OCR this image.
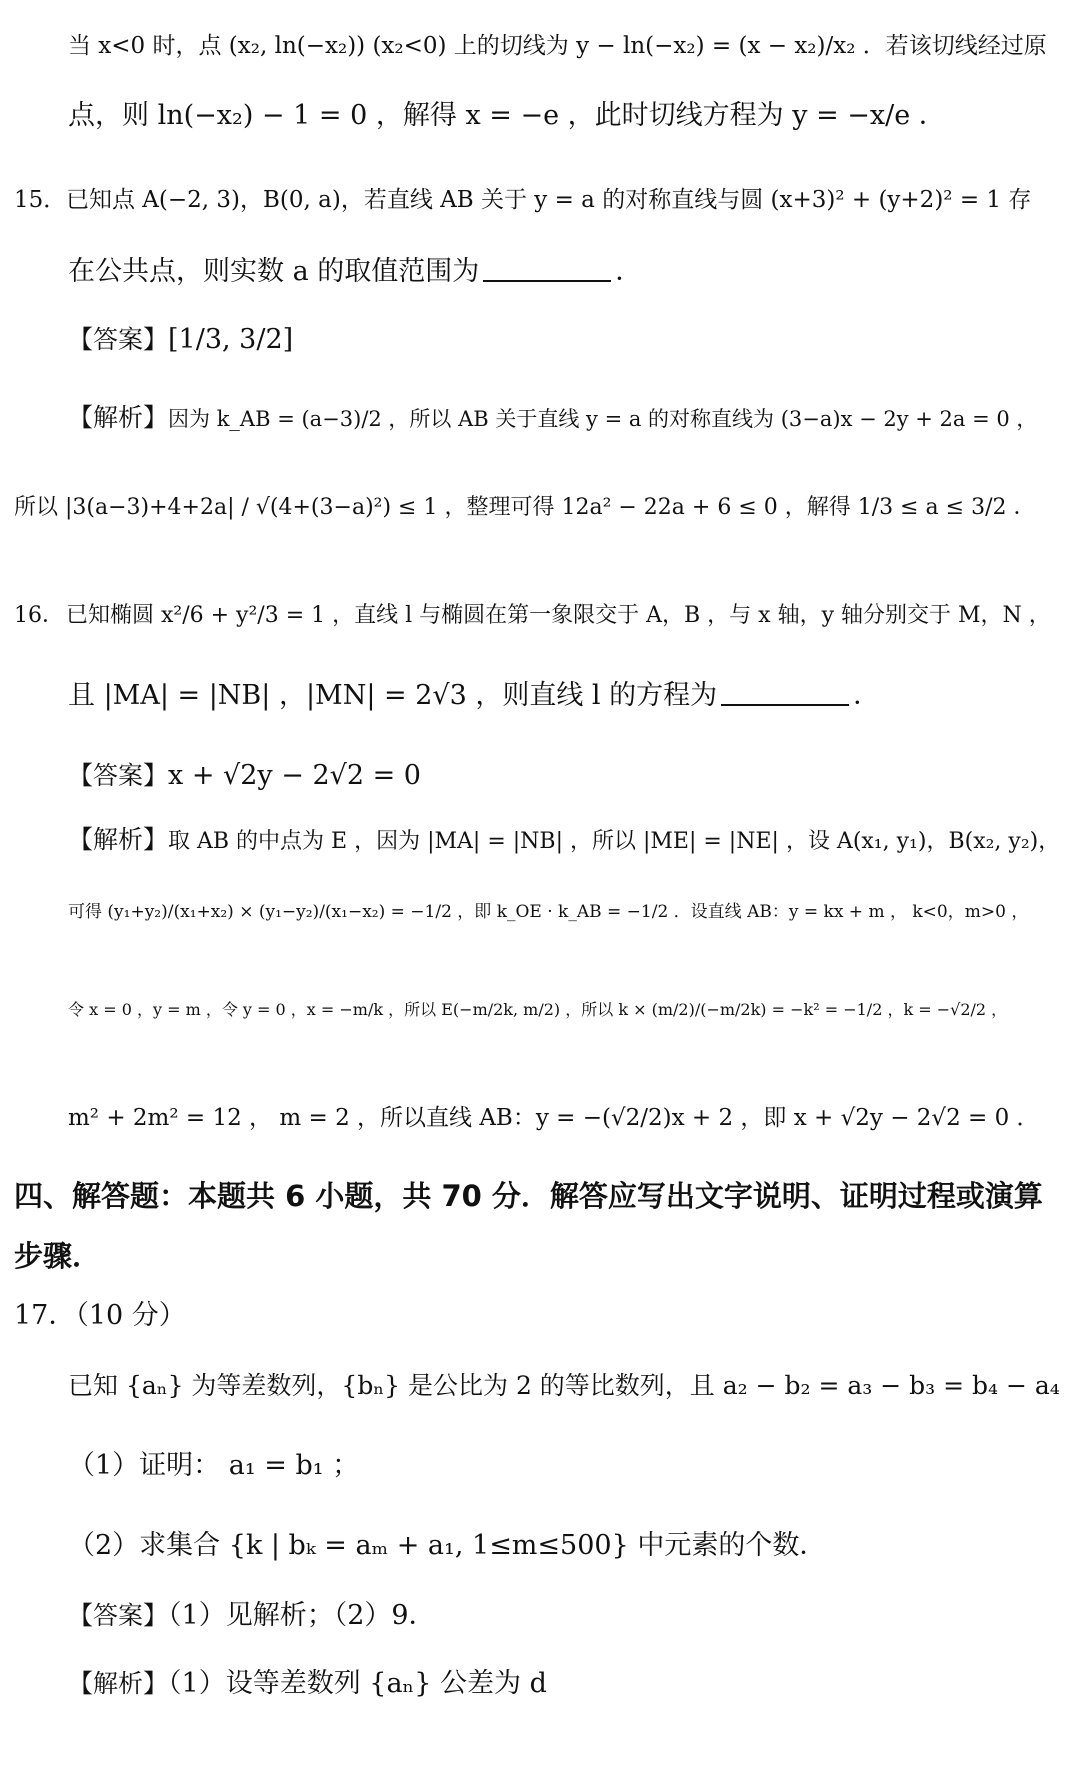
当 x<0 时，点 (x₂, ln(−x₂)) (x₂<0) 上的切线为 y − ln(−x₂) = (x − x₂)/x₂ ．若该切线经过原
点，则 ln(−x₂) − 1 = 0 ，解得 x = −e ，此时切线方程为 y = −x/e ．
15．已知点 A(−2, 3)，B(0, a)，若直线 AB 关于 y = a 的对称直线与圆 (x+3)² + (y+2)² = 1 存
在公共点，则实数 a 的取值范围为	．
【答案】[1/3, 3/2]
【解析】因为 k_AB = (a−3)/2 ，所以 AB 关于直线 y = a 的对称直线为 (3−a)x − 2y + 2a = 0 ，
所以 |3(a−3)+4+2a| / √(4+(3−a)²) ≤ 1 ，整理可得 12a² − 22a + 6 ≤ 0 ，解得 1/3 ≤ a ≤ 3/2 ．
16．已知椭圆 x²/6 + y²/3 = 1 ，直线 l 与椭圆在第一象限交于 A，B ，与 x 轴，y 轴分别交于 M，N ，
且 |MA| = |NB| ，|MN| = 2√3 ，则直线 l 的方程为	．
【答案】x + √2y − 2√2 = 0
【解析】取 AB 的中点为 E ，因为 |MA| = |NB| ，所以 |ME| = |NE| ，设 A(x₁, y₁)，B(x₂, y₂)，
可得 (y₁+y₂)/(x₁+x₂) × (y₁−y₂)/(x₁−x₂) = −1/2 ，即 k_OE · k_AB = −1/2 ．设直线 AB：y = kx + m ， k<0，m>0 ，
令 x = 0 ，y = m ，令 y = 0 ，x = −m/k ，所以 E(−m/2k, m/2) ，所以 k × (m/2)/(−m/2k) = −k² = −1/2 ，k = −√2/2 ，
m² + 2m² = 12 ， m = 2 ，所以直线 AB：y = −(√2/2)x + 2 ，即 x + √2y − 2√2 = 0 ．
四、解答题：本题共 6 小题，共 70 分．解答应写出文字说明、证明过程或演算
步骤．
17．（10 分）
已知 {aₙ} 为等差数列，{bₙ} 是公比为 2 的等比数列，且 a₂ − b₂ = a₃ − b₃ = b₄ − a₄
（1）证明： a₁ = b₁ ；
（2）求集合 {k | bₖ = aₘ + a₁, 1≤m≤500} 中元素的个数．
【答案】（1）见解析；（2）9．
【解析】（1）设等差数列 {aₙ} 公差为 d
